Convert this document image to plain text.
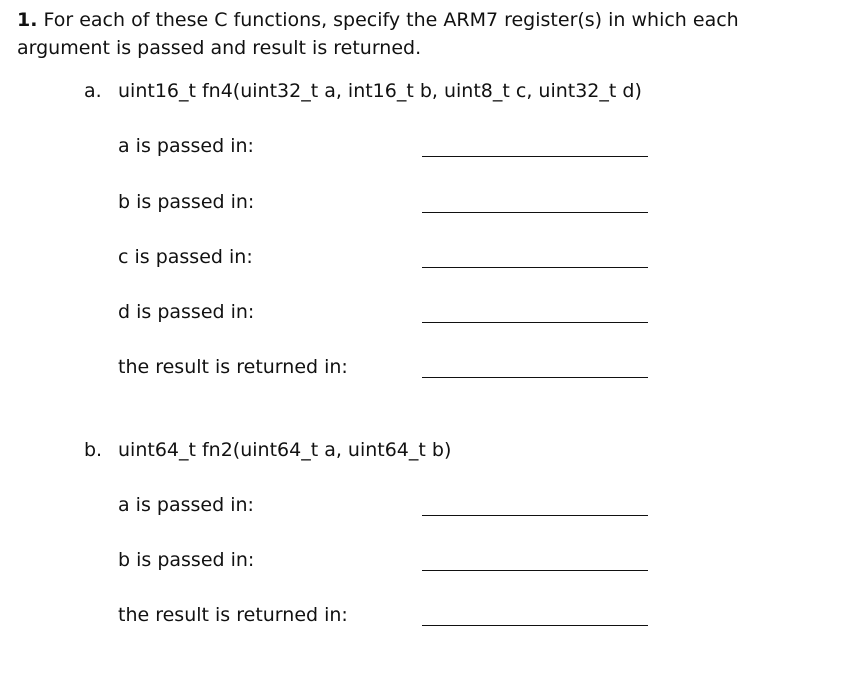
1. For each of these C functions, specify the ARM7 register(s) in which each argument is passed and result is returned.

a. uint16_t fn4(uint32_t a, int16_t b, uint8_t c, uint32_t d)
a is passed in:
b is passed in:
c is passed in:
d is passed in:
the result is returned in:
b. uint64_t fn2(uint64_t a, uint64_t b)
a is passed in:
b is passed in:
the result is returned in:
